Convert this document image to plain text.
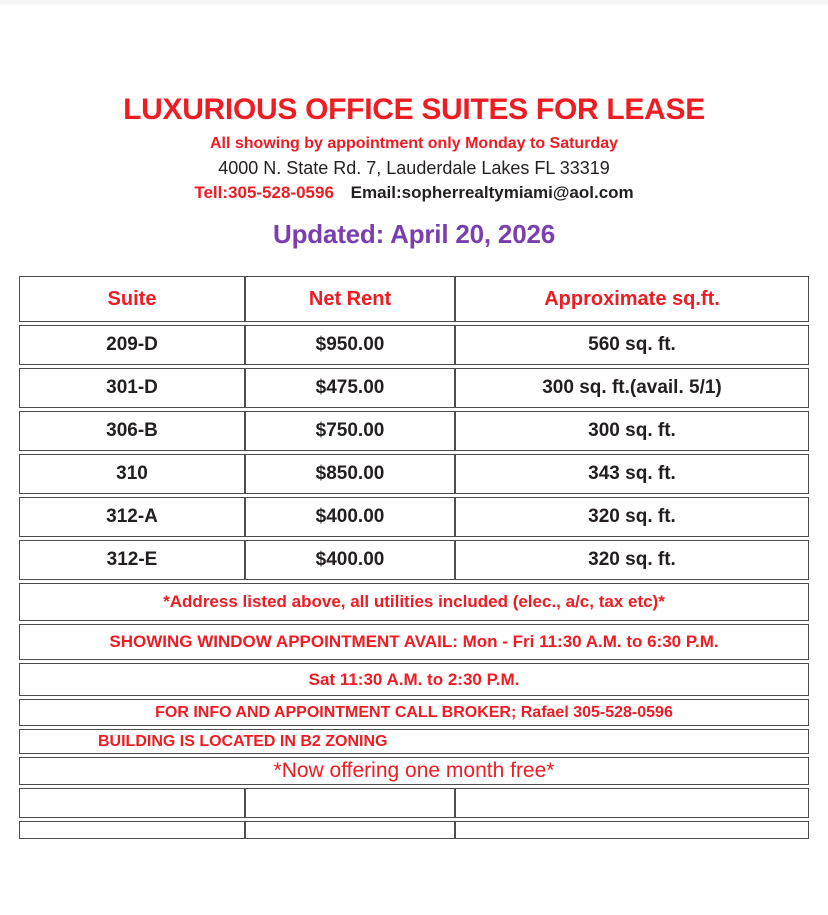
LUXURIOUS OFFICE SUITES FOR LEASE

All showing by appointment only Monday to Saturday

4000 N. State Rd. 7, Lauderdale Lakes FL 33319

Tell:305-528-0596 Email:sopherrealtymiami@aol.com

Updated: April 20, 2026
Suite	Net Rent	Approximate sq.ft.
209-D	$950.00	560 sq. ft.
301-D	$475.00	300 sq. ft.(avail. 5/1)
306-B	$750.00	300 sq. ft.
310	$850.00	343 sq. ft.
312-A	$400.00	320 sq. ft.
312-E	$400.00	320 sq. ft.
*Address listed above, all utilities included (elec., a/c, tax etc)*		
SHOWING WINDOW APPOINTMENT AVAIL: Mon - Fri 11:30 A.M. to 6:30 P.M.		
Sat 11:30 A.M. to 2:30 P.M.		
FOR INFO AND APPOINTMENT CALL BROKER; Rafael 305-528-0596		
BUILDING IS LOCATED IN B2 ZONING		
*Now offering one month free*		
